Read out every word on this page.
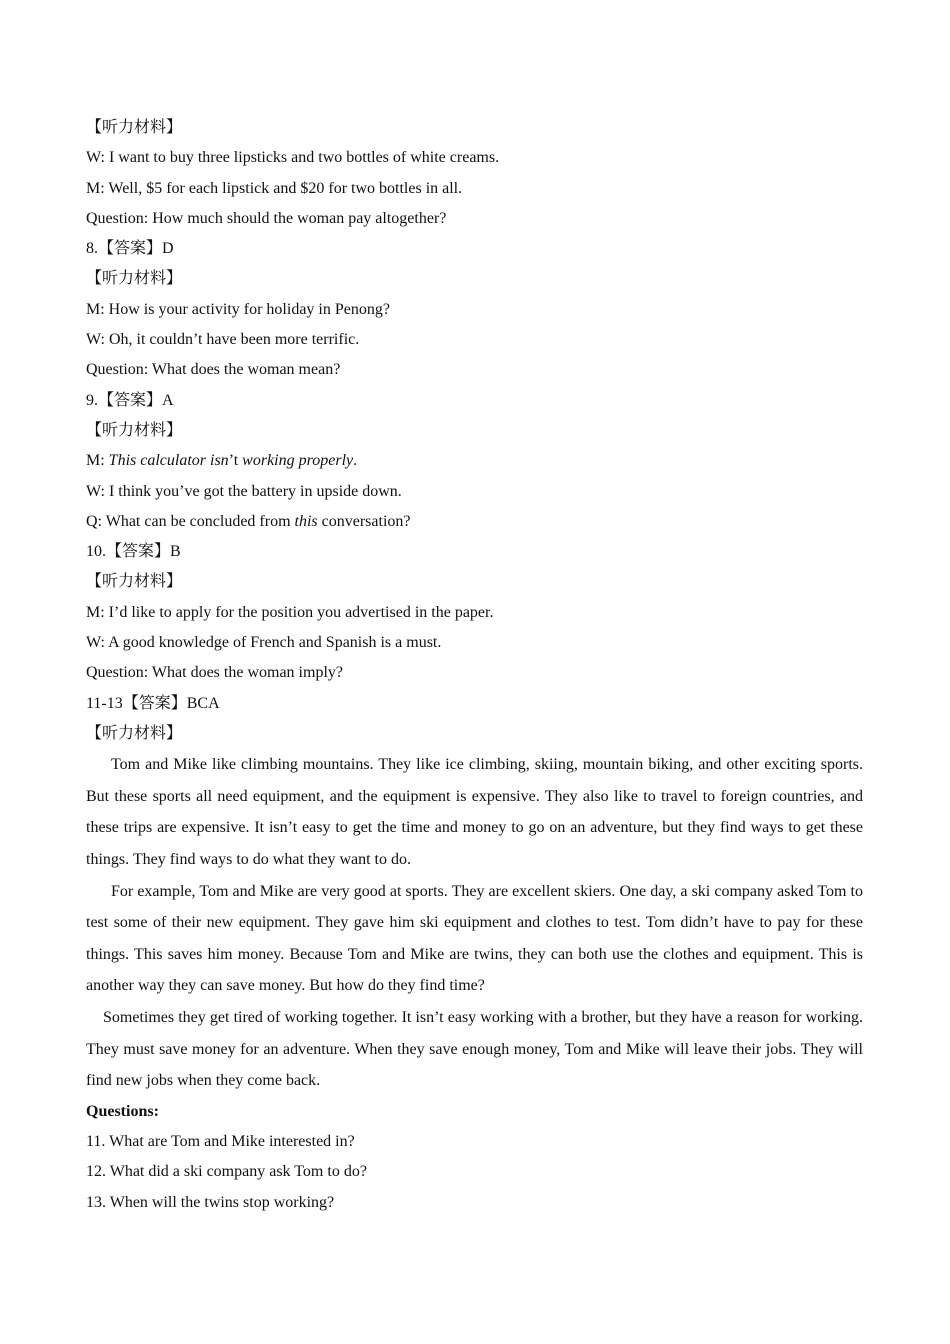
【听力材料】
W: I want to buy three lipsticks and two bottles of white creams.
M: Well, $5 for each lipstick and $20 for two bottles in all.
Question: How much should the woman pay altogether?
8.【答案】D
【听力材料】
M: How is your activity for holiday in Penong?
W: Oh, it couldn’t have been more terrific.
Question: What does the woman mean?
9.【答案】A
【听力材料】
M: This calculator isn’t working properly.
W: I think you’ve got the battery in upside down.
Q: What can be concluded from this conversation?
10.【答案】B
【听力材料】
M: I’d like to apply for the position you advertised in the paper.
W: A good knowledge of French and Spanish is a must.
Question: What does the woman imply?
11-13【答案】BCA
【听力材料】

Tom and Mike like climbing mountains. They like ice climbing, skiing, mountain biking, and other exciting sports. But these sports all need equipment, and the equipment is expensive. They also like to travel to foreign countries, and these trips are expensive. It isn’t easy to get the time and money to go on an adventure, but they find ways to get these things. They find ways to do what they want to do.

For example, Tom and Mike are very good at sports. They are excellent skiers. One day, a ski company asked Tom to test some of their new equipment. They gave him ski equipment and clothes to test. Tom didn’t have to pay for these things. This saves him money. Because Tom and Mike are twins, they can both use the clothes and equipment. This is another way they can save money. But how do they find time?

Sometimes they get tired of working together. It isn’t easy working with a brother, but they have a reason for working. They must save money for an adventure. When they save enough money, Tom and Mike will leave their jobs. They will find new jobs when they come back.

Questions:
11. What are Tom and Mike interested in?
12. What did a ski company ask Tom to do?
13. When will the twins stop working?
